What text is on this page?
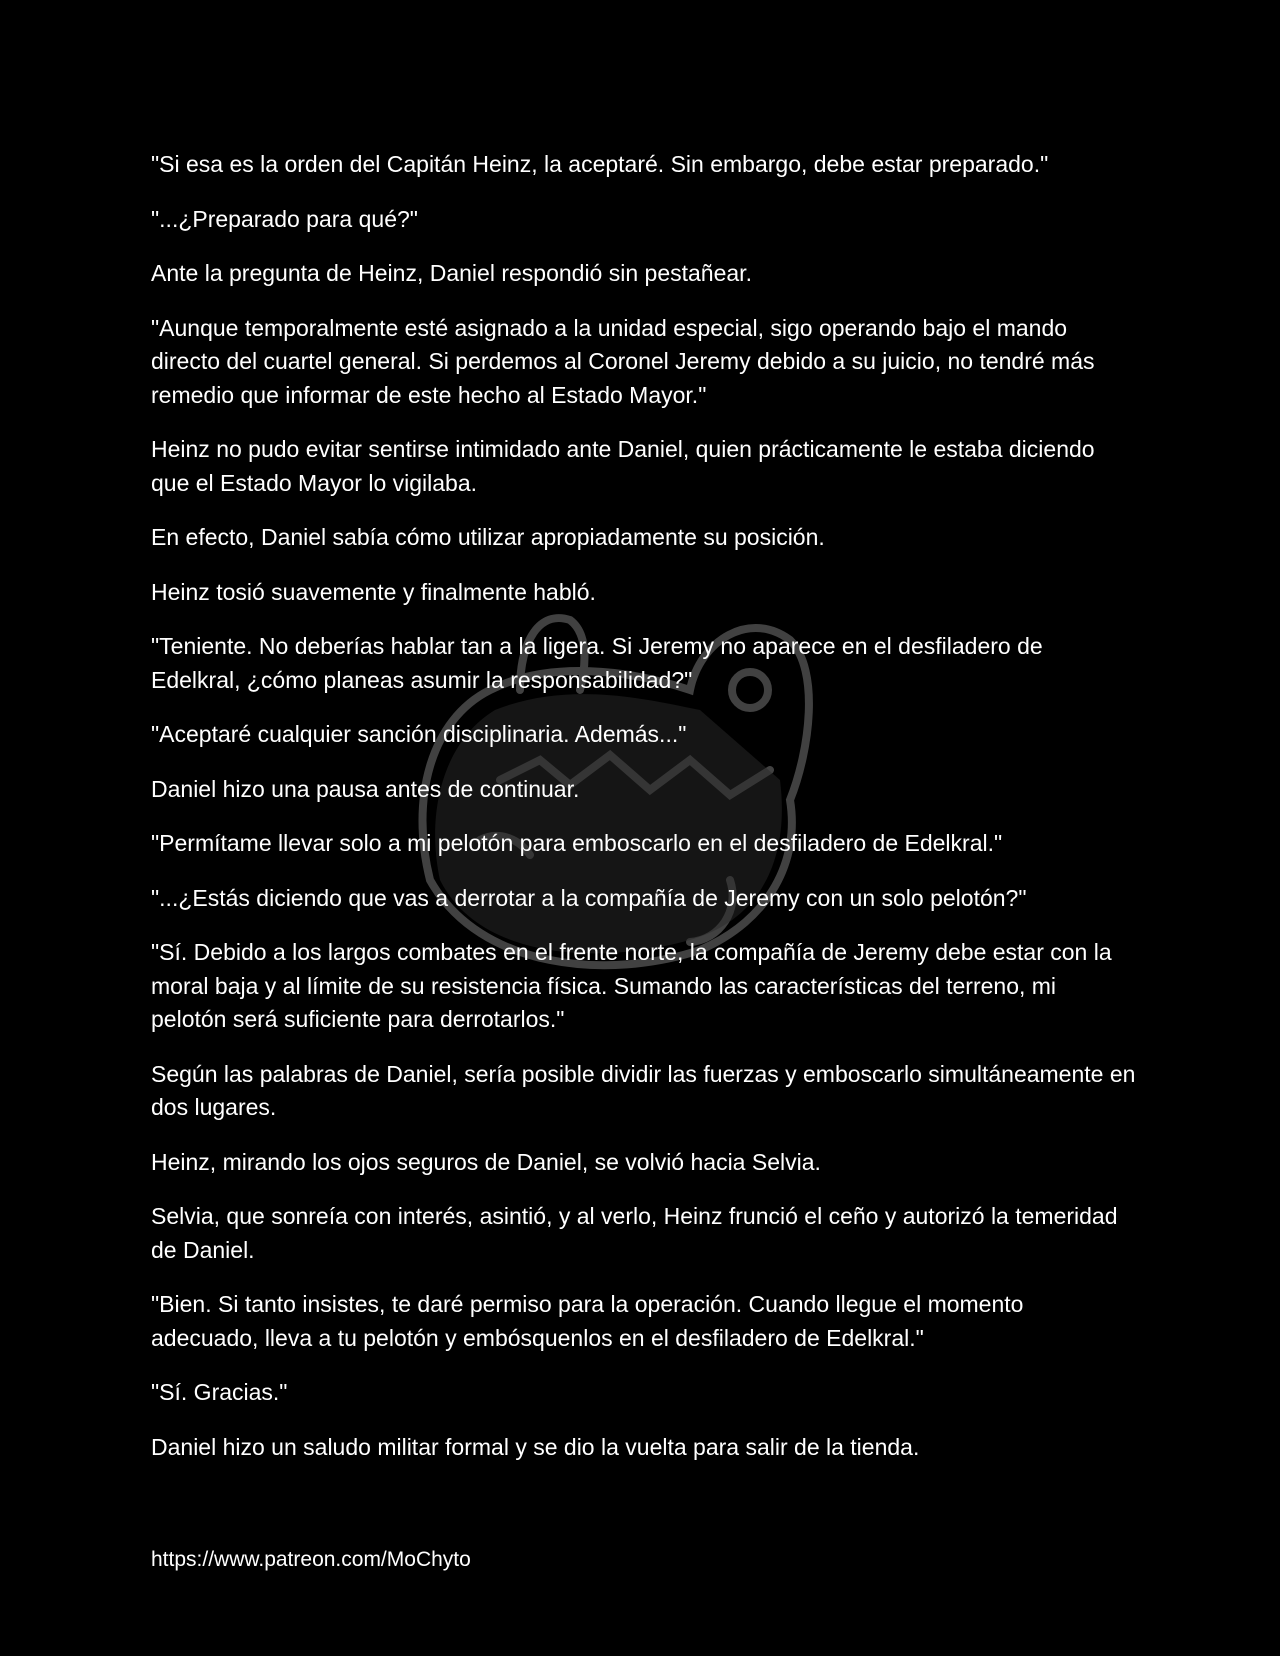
"Si esa es la orden del Capitán Heinz, la aceptaré. Sin embargo, debe estar preparado."

"...¿Preparado para qué?"

Ante la pregunta de Heinz, Daniel respondió sin pestañear.

"Aunque temporalmente esté asignado a la unidad especial, sigo operando bajo el mando directo del cuartel general. Si perdemos al Coronel Jeremy debido a su juicio, no tendré más remedio que informar de este hecho al Estado Mayor."

Heinz no pudo evitar sentirse intimidado ante Daniel, quien prácticamente le estaba diciendo que el Estado Mayor lo vigilaba.

En efecto, Daniel sabía cómo utilizar apropiadamente su posición.

Heinz tosió suavemente y finalmente habló.

"Teniente. No deberías hablar tan a la ligera. Si Jeremy no aparece en el desfiladero de Edelkral, ¿cómo planeas asumir la responsabilidad?"

"Aceptaré cualquier sanción disciplinaria. Además..."

Daniel hizo una pausa antes de continuar.

"Permítame llevar solo a mi pelotón para emboscarlo en el desfiladero de Edelkral."

"...¿Estás diciendo que vas a derrotar a la compañía de Jeremy con un solo pelotón?"

"Sí. Debido a los largos combates en el frente norte, la compañía de Jeremy debe estar con la moral baja y al límite de su resistencia física. Sumando las características del terreno, mi pelotón será suficiente para derrotarlos."

Según las palabras de Daniel, sería posible dividir las fuerzas y emboscarlo simultáneamente en dos lugares.

Heinz, mirando los ojos seguros de Daniel, se volvió hacia Selvia.

Selvia, que sonreía con interés, asintió, y al verlo, Heinz frunció el ceño y autorizó la temeridad de Daniel.

"Bien. Si tanto insistes, te daré permiso para la operación. Cuando llegue el momento adecuado, lleva a tu pelotón y embósquenlos en el desfiladero de Edelkral."

"Sí. Gracias."

Daniel hizo un saludo militar formal y se dio la vuelta para salir de la tienda.

https://www.patreon.com/MoChyto
